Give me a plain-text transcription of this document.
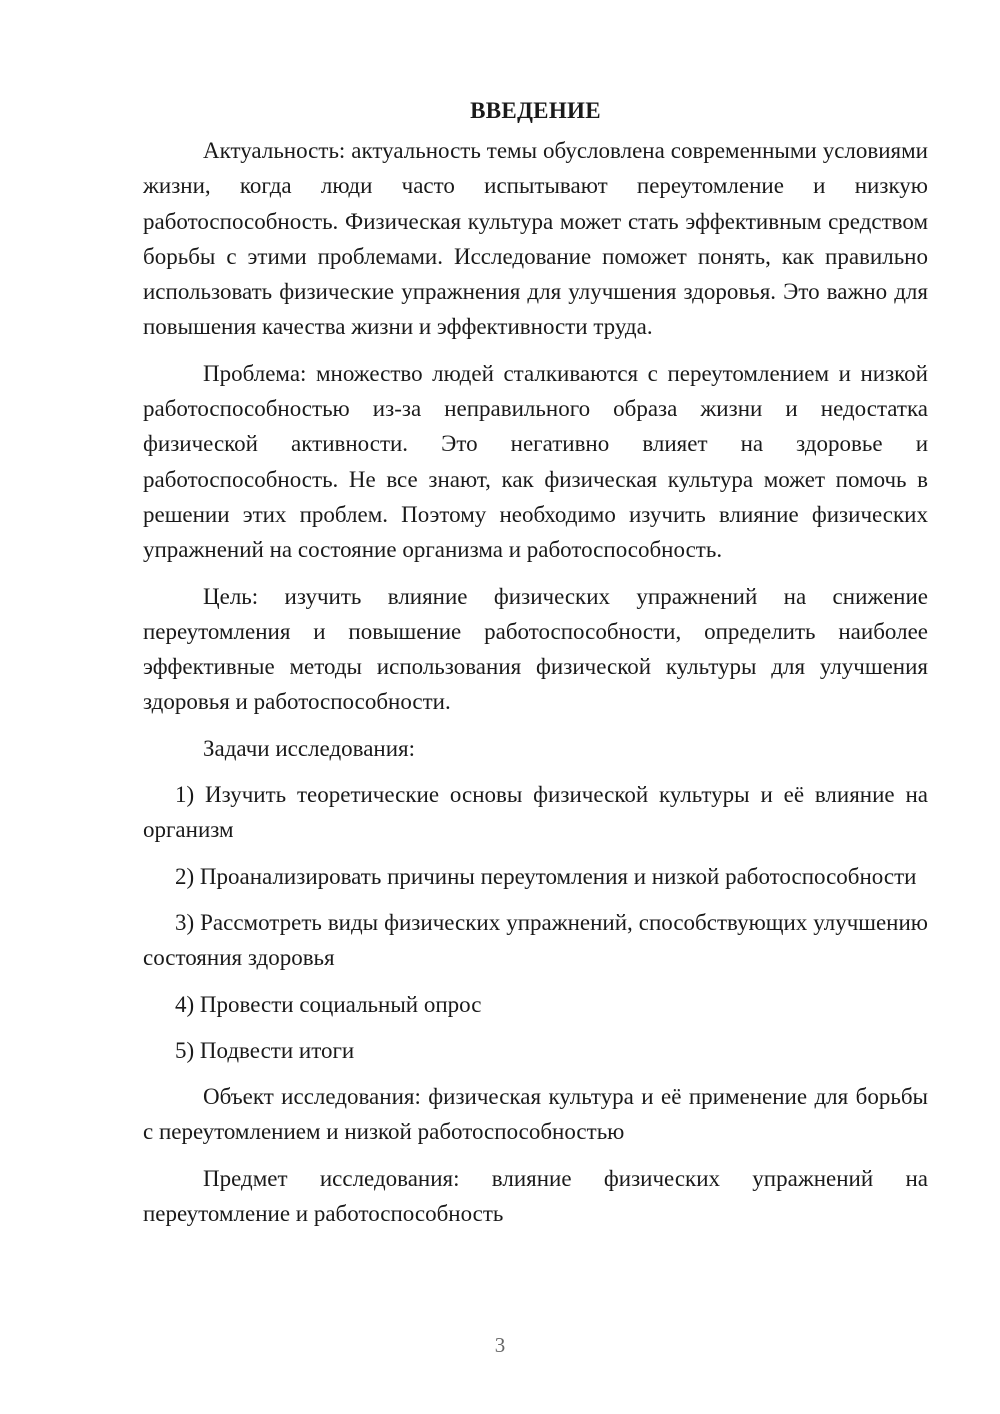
ВВЕДЕНИЕ

Актуальность: актуальность темы обусловлена современными условиями жизни, когда люди часто испытывают переутомление и низкую работоспособность. Физическая культура может стать эффективным средством борьбы с этими проблемами. Исследование поможет понять, как правильно использовать физические упражнения для улучшения здоровья. Это важно для повышения качества жизни и эффективности труда.

Проблема: множество людей сталкиваются с переутомлением и низкой работоспособностью из-за неправильного образа жизни и недостатка физической активности. Это негативно влияет на здоровье и работоспособность. Не все знают, как физическая культура может помочь в решении этих проблем. Поэтому необходимо изучить влияние физических упражнений на состояние организма и работоспособность.

Цель: изучить влияние физических упражнений на снижение переутомления и повышение работоспособности, определить наиболее эффективные методы использования физической культуры для улучшения здоровья и работоспособности.

Задачи исследования:

1) Изучить теоретические основы физической культуры и её влияние на организм

2) Проанализировать причины переутомления и низкой работоспособности

3) Рассмотреть виды физических упражнений, способствующих улучшению состояния здоровья

4) Провести социальный опрос

5) Подвести итоги

Объект исследования: физическая культура и её применение для борьбы с переутомлением и низкой работоспособностью

Предмет исследования: влияние физических упражнений на переутомление и работоспособность

3
